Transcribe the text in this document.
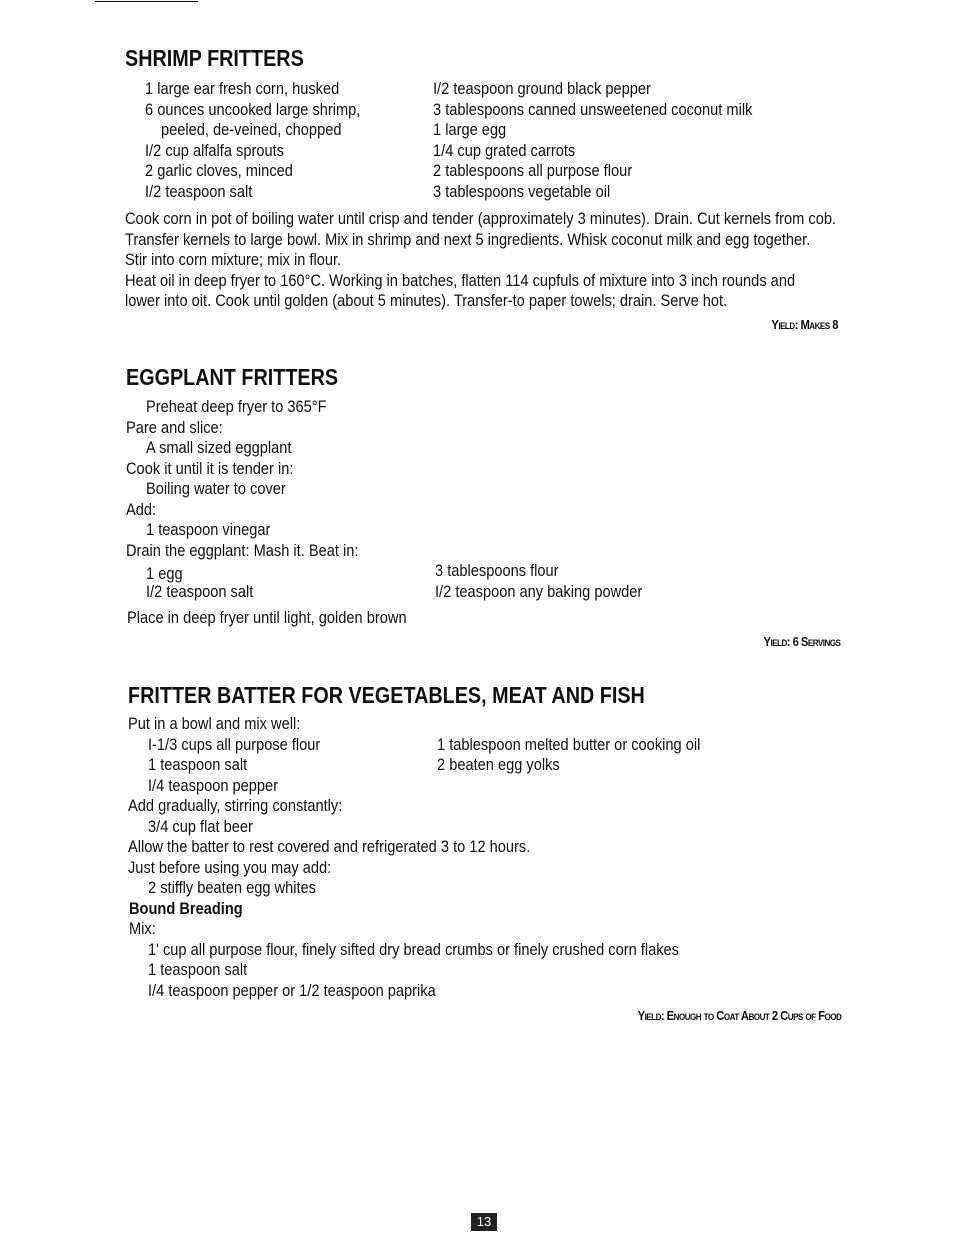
SHRIMP FRITTERS
1 large ear fresh corn, husked
6 ounces uncooked large shrimp,
peeled, de-veined, chopped
I/2 cup alfalfa sprouts
2 garlic cloves, minced
I/2 teaspoon salt
I/2 teaspoon ground black pepper
3 tablespoons canned unsweetened coconut milk
1 large egg
1/4 cup grated carrots
2 tablespoons all purpose flour
3 tablespoons vegetable oil
Cook corn in pot of boiling water until crisp and tender (approximately 3 minutes). Drain. Cut kernels from cob.
Transfer kernels to large bowl. Mix in shrimp and next 5 ingredients. Whisk coconut milk and egg together.
Stir into corn mixture; mix in flour.
Heat oil in deep fryer to 160°C. Working in batches, flatten 114 cupfuls of mixture into 3 inch rounds and
lower into oit. Cook until golden (about 5 minutes). Transfer-to paper towels; drain. Serve hot.
Yield: Makes 8
EGGPLANT FRITTERS
Preheat deep fryer to 365°F
Pare and slice:
A small sized eggplant
Cook it until it is tender in:
Boiling water to cover
Add:
1 teaspoon vinegar
Drain the eggplant: Mash it. Beat in:
1 egg
I/2 teaspoon salt
3 tablespoons flour
I/2 teaspoon any baking powder
Place in deep fryer until light, golden brown
Yield: 6 Servings
FRITTER BATTER FOR VEGETABLES, MEAT AND FISH
Put in a bowl and mix well:
I-1/3 cups all purpose flour
1 teaspoon salt
I/4 teaspoon pepper
Add gradually, stirring constantly:
3/4 cup flat beer
Allow the batter to rest covered and refrigerated 3 to 12 hours.
Just before using you may add:
2 stiffly beaten egg whites
Bound Breading
Mix:
1' cup all purpose flour, finely sifted dry bread crumbs or finely crushed corn flakes
1 teaspoon salt
I/4 teaspoon pepper or 1/2 teaspoon paprika
1 tablespoon melted butter or cooking oil
2 beaten egg yolks
Yield: Enough to Coat About 2 Cups of Food
13
